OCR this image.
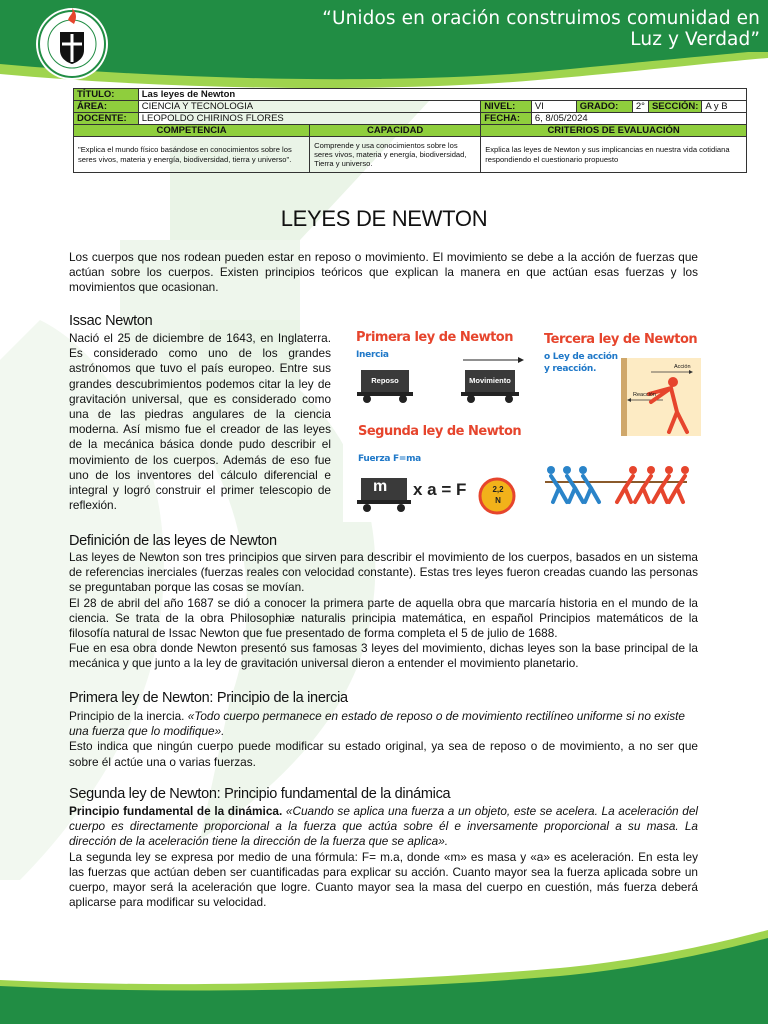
“Unidos en oración construimos comunidad en Luz y Verdad”
TÍTULO:	Las leyes de Newton							
ÁREA:	CIENCIA Y TECNOLOGIA		NIVEL:	VI	GRADO:	2°	SECCIÓN:	A y B
DOCENTE:	LEOPOLDO CHIRINOS FLORES		FECHA:	6, 8/05/2024				
COMPETENCIA		CAPACIDAD	CRITERIOS DE EVALUACIÓN					
"Explica el mundo físico basándose en conocimientos sobre los seres vivos, materia y energía, biodiversidad, tierra y universo".		Comprende y usa conocimientos sobre los seres vivos, materia y energía, biodiversidad, Tierra y universo.	Explica las leyes de Newton y sus implicancias en nuestra vida cotidiana respondiendo el cuestionario propuesto					
LEYES DE NEWTON

Los cuerpos que nos rodean pueden estar en reposo o movimiento. El movimiento se debe a la acción de fuerzas que actúan sobre los cuerpos. Existen principios teóricos que explican la manera en que actúan esas fuerzas y los movimientos que ocasionan.

Issac Newton

Nació el 25 de diciembre de 1643, en Inglaterra. Es considerado como uno de los grandes astrónomos que tuvo el país europeo. Entre sus grandes descubrimientos podemos citar la ley de gravitación universal, que es considerado como una de las piedras angulares de la ciencia moderna. Así mismo fue el creador de las leyes de la mecánica básica donde pudo describir el movimiento de los cuerpos. Además de eso fue uno de los inventores del cálculo diferencial e integral y logró construir el primer telescopio de reflexión.

Primera ley de Newton
Inercia
Reposo	Movimiento
Tercera ley de Newton
o Ley de acción
y reacción.	Acción
Reacción
Segunda ley de Newton
Fuerza F=ma
m x a = F	2,2
N
Definición de las leyes de Newton

Las leyes de Newton son tres principios que sirven para describir el movimiento de los cuerpos, basados en un sistema de referencias inerciales (fuerzas reales con velocidad constante). Estas tres leyes fueron creadas cuando las personas se preguntaban porque las cosas se movían.

El 28 de abril del año 1687 se dió a conocer la primera parte de aquella obra que marcaría historia en el mundo de la ciencia. Se trata de la obra Philosophiæ naturalis principia matemática, en español Principios matemáticos de la filosofía natural de Issac Newton que fue presentado de forma completa el 5 de julio de 1688.

Fue en esa obra donde Newton presentó sus famosas 3 leyes del movimiento, dichas leyes son la base principal de la mecánica y que junto a la ley de gravitación universal dieron a entender el movimiento planetario.

Primera ley de Newton: Principio de la inercia

Principio de la inercia. «Todo cuerpo permanece en estado de reposo o de movimiento rectilíneo uniforme si no existe una fuerza que lo modifique».

Esto indica que ningún cuerpo puede modificar su estado original, ya sea de reposo o de movimiento, a no ser que sobre él actúe una o varias fuerzas.

Segunda ley de Newton: Principio fundamental de la dinámica

Principio fundamental de la dinámica. «Cuando se aplica una fuerza a un objeto, este se acelera. La aceleración del cuerpo es directamente proporcional a la fuerza que actúa sobre él e inversamente proporcional a su masa. La dirección de la aceleración tiene la dirección de la fuerza que se aplica».

La segunda ley se expresa por medio de una fórmula: F= m.a, donde «m» es masa y «a» es aceleración. En esta ley las fuerzas que actúan deben ser cuantificadas para explicar su acción. Cuanto mayor sea la fuerza aplicada sobre un cuerpo, mayor será la aceleración que logre. Cuanto mayor sea la masa del cuerpo en cuestión, más fuerza deberá aplicarse para modificar su velocidad.
